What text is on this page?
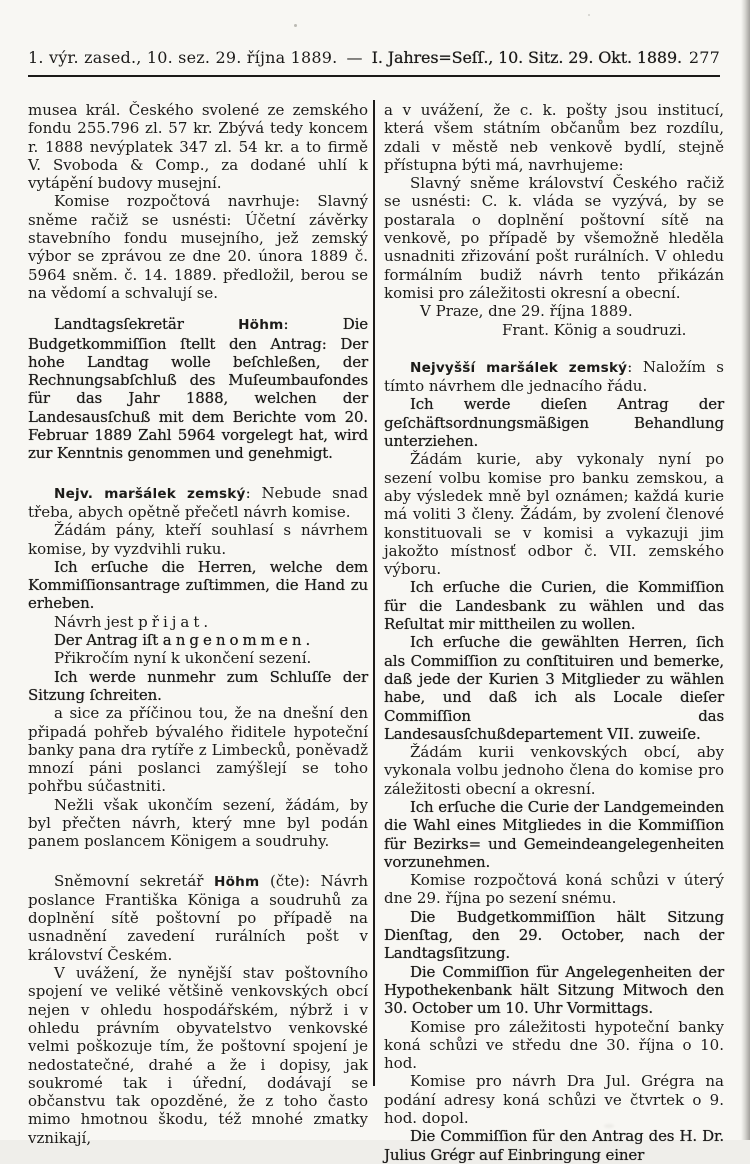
1. výr. zased., 10. sez. 29. října 1889. — I. Jahres=Seſſ., 10. Sitz. 29. Okt. 1889. 277

musea král. Českého svolené ze zemského fondu 255.796 zl. 57 kr. Zbývá tedy koncem r. 1888 nevýplatek 347 zl. 54 kr. a to firmě V. Svoboda & Comp., za dodané uhlí k vytápění budovy musejní.

Komise rozpočtová navrhuje: Slavný sněme račiž se usnésti: Účetní závěrky stavebního fondu musejního, jež zemský výbor se zprávou ze dne 20. února 1889 č. 5964 sněm. č. 14. 1889. předložil, berou se na vědomí a schvalují se.

Landtagsſekretär Höhm: Die Budgetkommiſſion ſtellt den Antrag: Der hohe Landtag wolle beſchleßen, der Rechnungsabſchluß des Muſeumbaufondes für das Jahr 1888, welchen der Landesausſchuß mit dem Berichte vom 20. Februar 1889 Zahl 5964 vorgelegt hat, wird zur Kenntnis genommen und genehmigt.

Nejv. maršálek zemský: Nebude snad třeba, abych opětně přečetl návrh komise.

Žádám pány, kteří souhlasí s návrhem komise, by vyzdvihli ruku.

Ich erſuche die Herren, welche dem Kommiſſionsantrage zuſtimmen, die Hand zu erheben.

Návrh jest přijat.

Der Antrag iſt angenommen.

Přikročím nyní k ukončení sezení.

Ich werde nunmehr zum Schluſſe der Sitzung ſchreiten.

a sice za příčinou tou, že na dnešní den připadá pohřeb bývalého řiditele hypoteční banky pana dra rytíře z Limbecků, poněvadž mnozí páni poslanci zamýšlejí se toho pohřbu súčastniti.

Nežli však ukončím sezení, žádám, by byl přečten návrh, který mne byl podán panem poslancem Königem a soudruhy.

Sněmovní sekretář Höhm (čte): Návrh poslance Františka Königa a soudruhů za doplnění sítě poštovní po případě na usnadnění zavedení rurálních pošt v království Českém.

V uvážení, že nynější stav poštovního spojení ve veliké většině venkovských obcí nejen v ohledu hospodářském, nýbrž i v ohledu právním obyvatelstvo venkovské velmi poškozuje tím, že poštovní spojení je nedostatečné, drahé a že i dopisy, jak soukromé tak i úřední, dodávají se občanstvu tak opozděné, že z toho často mimo hmotnou škodu, též mnohé zmatky vznikají,

a v uvážení, že c. k. pošty jsou institucí, která všem státním občanům bez rozdílu, zdali v městě neb venkově bydlí, stejně přístupna býti má, navrhujeme:

Slavný sněme království Českého račiž se usnésti: C. k. vláda se vyzývá, by se postarala o doplnění poštovní sítě na venkově, po případě by všemožně hleděla usnadniti zřizování pošt rurálních. V ohledu formálním budiž návrh tento přikázán komisi pro záležitosti okresní a obecní.

V Praze, dne 29. října 1889.

Frant. König a soudruzi.

Nejvyšší maršálek zemský: Naložím s tímto návrhem dle jednacího řádu.

Ich werde dieſen Antrag der geſchäftsordnungsmäßigen Behandlung unterziehen.

Žádám kurie, aby vykonaly nyní po sezení volbu komise pro banku zemskou, a aby výsledek mně byl oznámen; každá kurie má voliti 3 členy. Žádám, by zvolení členové konstituovali se v komisi a vykazuji jim jakožto místnosť odbor č. VII. zemského výboru.

Ich erſuche die Curien, die Kommiſſion für die Landesbank zu wählen und das Reſultat mir mittheilen zu wollen.

Ich erſuche die gewählten Herren, ſich als Commiſſion zu conſtituiren und bemerke, daß jede der Kurien 3 Mitglieder zu wählen habe, und daß ich als Locale dieſer Commiſſion das Landesausſchußdepartement VII. zuweiſe.

Žádám kurii venkovských obcí, aby vykonala volbu jednoho člena do komise pro záležitosti obecní a okresní.

Ich erſuche die Curie der Landgemeinden die Wahl eines Mitgliedes in die Kommiſſion für Bezirks= und Gemeindeangelegenheiten vorzunehmen.

Komise rozpočtová koná schůzi v úterý dne 29. října po sezení snému.

Die Budgetkommiſſion hält Sitzung Dienſtag, den 29. October, nach der Landtagsſitzung.

Die Commiſſion für Angelegenheiten der Hypothekenbank hält Sitzung Mitwoch den 30. October um 10. Uhr Vormittags.

Komise pro záležitosti hypoteční banky koná schůzi ve středu dne 30. října o 10. hod.

Komise pro návrh Dra Jul. Grégra na podání adresy koná schůzi ve čtvrtek o 9. hod. dopol.

Die Commiſſion für den Antrag des H. Dr. Julius Grégr auf Einbringung einer
